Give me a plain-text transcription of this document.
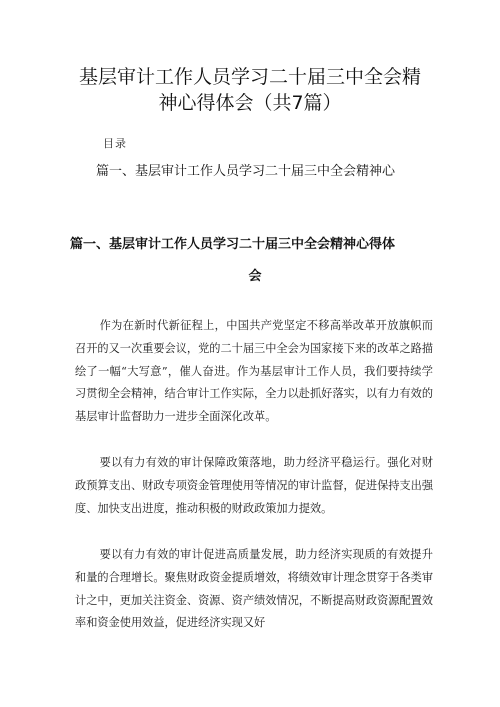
基层审计工作人员学习二十届三中全会精
神心得体会（共7篇）
目录
篇一、基层审计工作人员学习二十届三中全会精神心
篇一、基层审计工作人员学习二十届三中全会精神心得体
会

作为在新时代新征程上，中国共产党坚定不移高举改革开放旗帜而召开的又一次重要会议，党的二十届三中全会为国家接下来的改革之路描绘了一幅“大写意”，催人奋进。作为基层审计工作人员，我们要持续学习贯彻全会精神，结合审计工作实际，全力以赴抓好落实，以有力有效的基层审计监督助力一进步全面深化改革。

要以有力有效的审计保障政策落地，助力经济平稳运行。强化对财政预算支出、财政专项资金管理使用等情况的审计监督，促进保持支出强度、加快支出进度，推动积极的财政政策加力提效。

要以有力有效的审计促进高质量发展，助力经济实现质的有效提升和量的合理增长。聚焦财政资金提质增效，将绩效审计理念贯穿于各类审计之中，更加关注资金、资源、资产绩效情况，不断提高财政资源配置效率和资金使用效益，促进经济实现又好
